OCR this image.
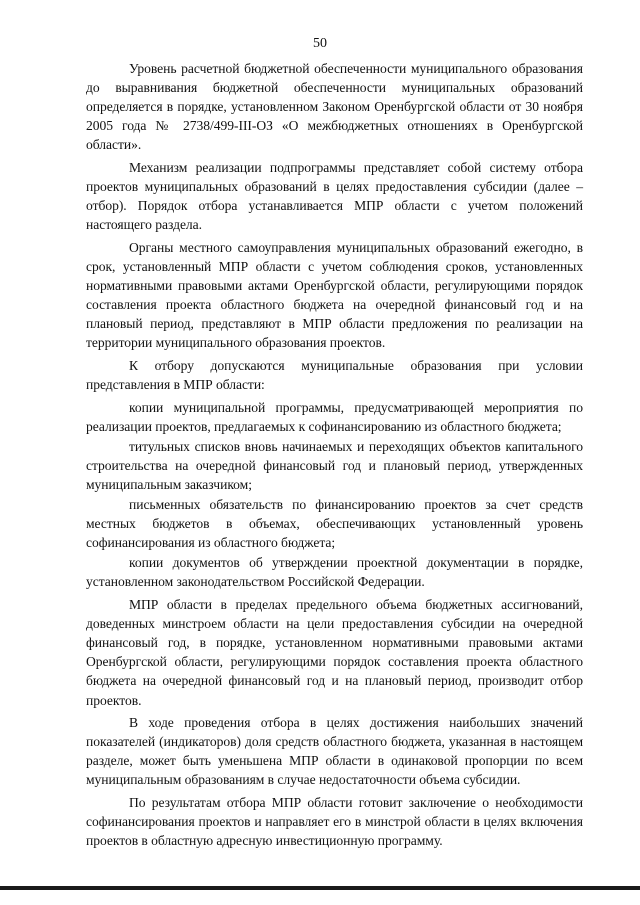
50

Уровень расчетной бюджетной обеспеченности муниципального образования до выравнивания бюджетной обеспеченности муниципальных образований определяется в порядке, установленном Законом Оренбургской области от 30 ноября 2005 года № 2738/499-III-ОЗ «О межбюджетных отношениях в Оренбургской области».

Механизм реализации подпрограммы представляет собой систему отбора проектов муниципальных образований в целях предоставления субсидии (далее – отбор). Порядок отбора устанавливается МПР области с учетом положений настоящего раздела.

Органы местного самоуправления муниципальных образований ежегодно, в срок, установленный МПР области с учетом соблюдения сроков, установленных нормативными правовыми актами Оренбургской области, регулирующими порядок составления проекта областного бюджета на очередной финансовый год и на плановый период, представляют в МПР области предложения по реализации на территории муниципального образования проектов.

К отбору допускаются муниципальные образования при условии представления в МПР области:

копии муниципальной программы, предусматривающей мероприятия по реализации проектов, предлагаемых к софинансированию из областного бюджета;

титульных списков вновь начинаемых и переходящих объектов капитального строительства на очередной финансовый год и плановый период, утвержденных муниципальным заказчиком;

письменных обязательств по финансированию проектов за счет средств местных бюджетов в объемах, обеспечивающих установленный уровень софинансирования из областного бюджета;

копии документов об утверждении проектной документации в порядке, установленном законодательством Российской Федерации.

МПР области в пределах предельного объема бюджетных ассигнований, доведенных минстроем области на цели предоставления субсидии на очередной финансовый год, в порядке, установленном нормативными правовыми актами Оренбургской области, регулирующими порядок составления проекта областного бюджета на очередной финансовый год и на плановый период, производит отбор проектов.

В ходе проведения отбора в целях достижения наибольших значений показателей (индикаторов) доля средств областного бюджета, указанная в настоящем разделе, может быть уменьшена МПР области в одинаковой пропорции по всем муниципальным образованиям в случае недостаточности объема субсидии.

По результатам отбора МПР области готовит заключение о необходимости софинансирования проектов и направляет его в минстрой области в целях включения проектов в областную адресную инвестиционную программу.
